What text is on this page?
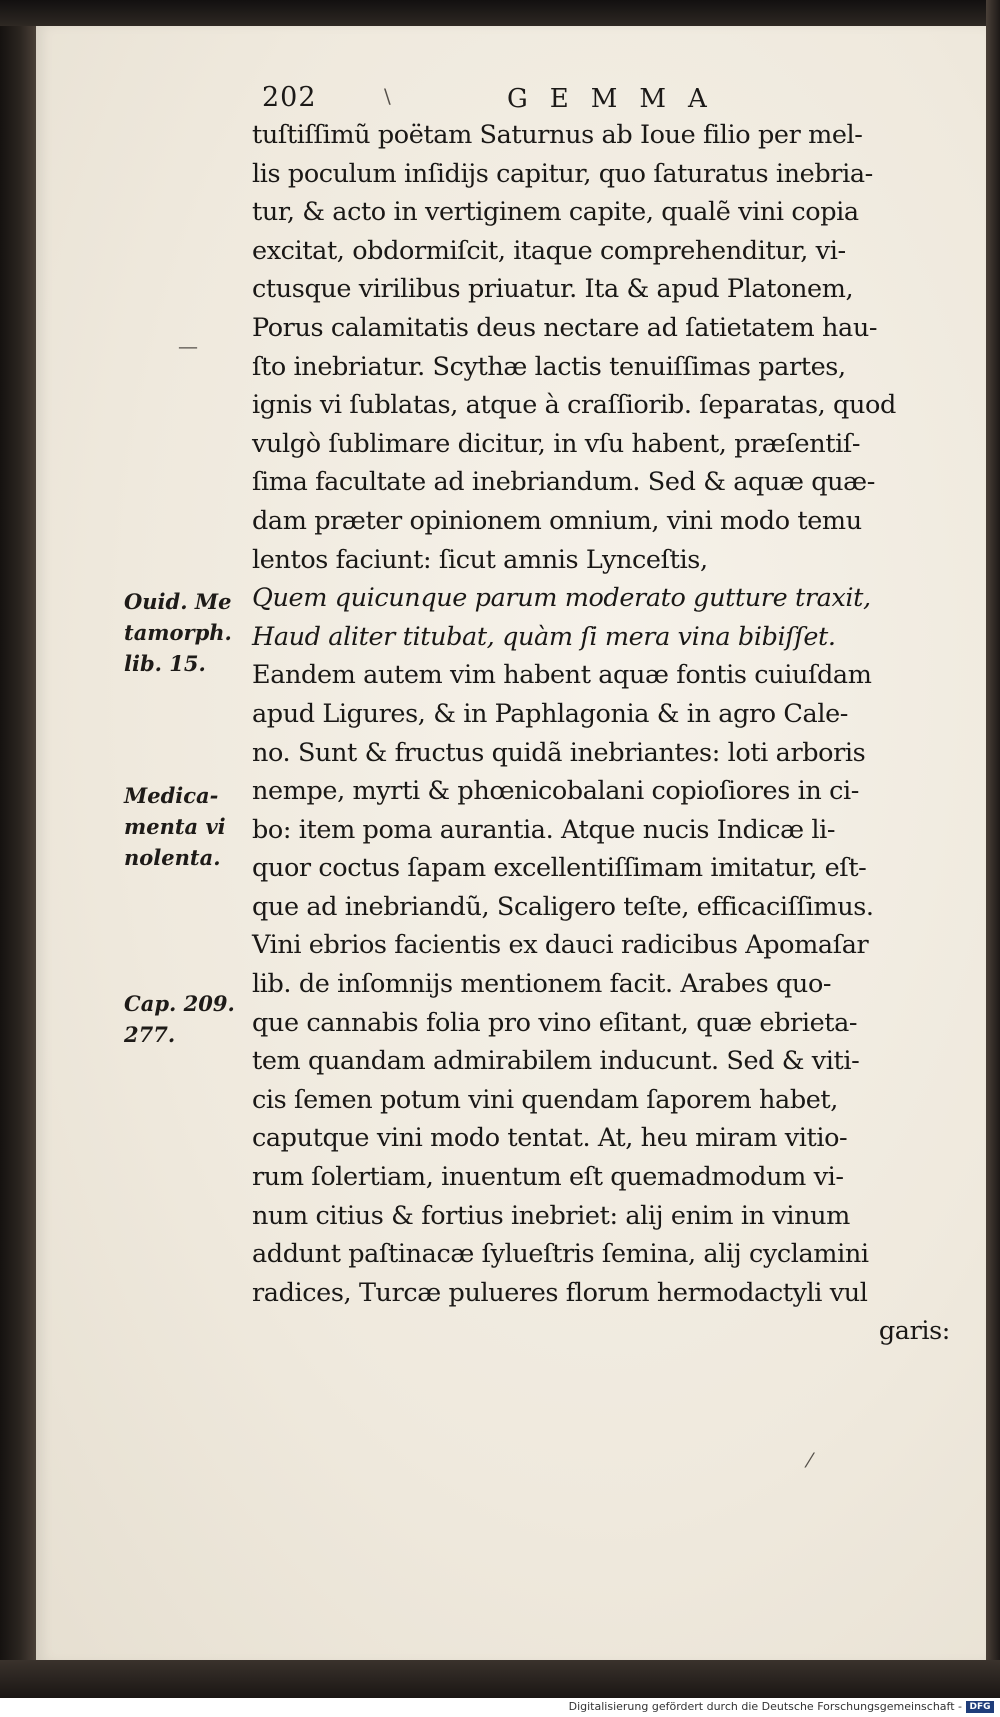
202	GEMMA
\
—
⁄
tuſtiſſimũ poëtam Saturnus ab Ioue filio per mel-
lis poculum inſidijs capitur, quo ſaturatus inebria-
tur, & acto in vertiginem capite, qualẽ vini copia
excitat, obdormiſcit, itaque comprehenditur, vi-
ctusque virilibus priuatur. Ita & apud Platonem,
Porus calamitatis deus nectare ad ſatietatem hau-
ſto inebriatur. Scythæ lactis tenuiſſimas partes,
ignis vi ſublatas, atque à craſſiorib. ſeparatas, quod
vulgò ſublimare dicitur, in vſu habent, præſentiſ-
ſima facultate ad inebriandum. Sed & aquæ quæ-
dam præter opinionem omnium, vini modo temu
lentos faciunt: ſicut amnis Lynceſtis,
Quem quicunque parum moderato gutture traxit,
Haud aliter titubat, quàm ſi mera vina bibiſſet.
Eandem autem vim habent aquæ fontis cuiuſdam
apud Ligures, & in Paphlagonia & in agro Cale-
no. Sunt & fructus quidã inebriantes: loti arboris
nempe, myrti & phœnicobalani copioſiores in ci-
bo: item poma aurantia. Atque nucis Indicæ li-
quor coctus ſapam excellentiſſimam imitatur, eſt-
que ad inebriandũ, Scaligero teſte, efficaciſſimus.
Vini ebrios facientis ex dauci radicibus Apomaſar
lib. de inſomnijs mentionem facit. Arabes quo-
que cannabis folia pro vino eſitant, quæ ebrieta-
tem quandam admirabilem inducunt. Sed & viti-
cis ſemen potum vini quendam ſaporem habet,
caputque vini modo tentat. At, heu miram vitio-
rum ſolertiam, inuentum eſt quemadmodum vi-
num citius & fortius inebriet: alij enim in vinum
addunt paſtinacæ ſylueſtris ſemina, alij cyclamini
radices, Turcæ pulueres florum hermodactyli vul
garis:
Ouid. Me
tamorph.
lib. 15.
Medica-
menta vi
nolenta.
Cap. 209.
277.
Digitalisierung gefördert durch die Deutsche Forschungsgemeinschaft - DFG
